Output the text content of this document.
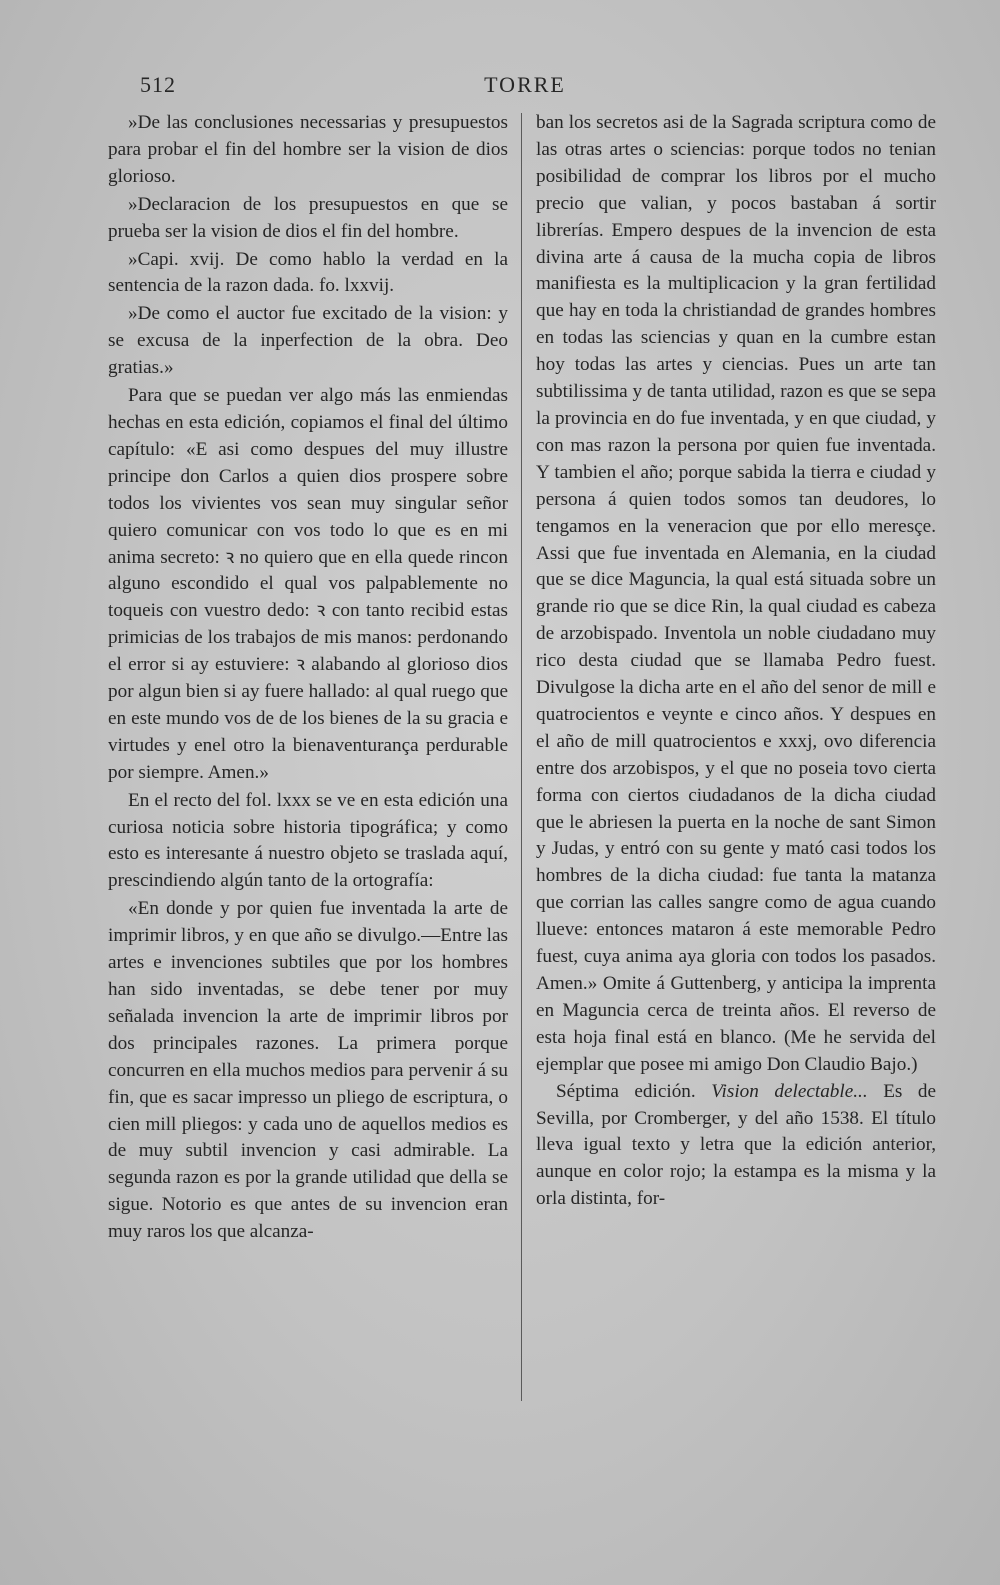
512	TORRE

»De las conclusiones necessarias y presupuestos para probar el fin del hombre ser la vision de dios glorioso.

»Declaracion de los presupuestos en que se prueba ser la vision de dios el fin del hombre.

»Capi. xvij. De como hablo la verdad en la sentencia de la razon dada. fo. lxxvij.

»De como el auctor fue excitado de la vision: y se excusa de la inperfection de la obra. Deo gratias.»

Para que se puedan ver algo más las enmiendas hechas en esta edición, copiamos el final del último capítulo: «E asi como despues del muy illustre principe don Carlos a quien dios prospere sobre todos los vivientes vos sean muy singular señor quiero comunicar con vos todo lo que es en mi anima secreto: ꝛ no quiero que en ella quede rincon alguno escondido el qual vos palpablemente no toqueis con vuestro dedo: ꝛ con tanto recibid estas primicias de los trabajos de mis manos: perdonando el error si ay estuviere: ꝛ alabando al glorioso dios por algun bien si ay fuere hallado: al qual ruego que en este mundo vos de de los bienes de la su gracia e virtudes y enel otro la bienaventurança perdurable por siempre. Amen.»

En el recto del fol. lxxx se ve en esta edición una curiosa noticia sobre historia tipográfica; y como esto es interesante á nuestro objeto se traslada aquí, prescindiendo algún tanto de la ortografía:

«En donde y por quien fue inventada la arte de imprimir libros, y en que año se divulgo.—Entre las artes e invenciones subtiles que por los hombres han sido inventadas, se debe tener por muy señalada invencion la arte de imprimir libros por dos principales razones. La primera porque concurren en ella muchos medios para pervenir á su fin, que es sacar impresso un pliego de escriptura, o cien mill pliegos: y cada uno de aquellos medios es de muy subtil invencion y casi admirable. La segunda razon es por la grande utilidad que della se sigue. Notorio es que antes de su invencion eran muy raros los que alcanza-

ban los secretos asi de la Sagrada scriptura como de las otras artes o sciencias: porque todos no tenian posibilidad de comprar los libros por el mucho precio que valian, y pocos bastaban á sortir librerías. Empero despues de la invencion de esta divina arte á causa de la mucha copia de libros manifiesta es la multiplicacion y la gran fertilidad que hay en toda la christiandad de grandes hombres en todas las sciencias y quan en la cumbre estan hoy todas las artes y ciencias. Pues un arte tan subtilissima y de tanta utilidad, razon es que se sepa la provincia en do fue inventada, y en que ciudad, y con mas razon la persona por quien fue inventada. Y tambien el año; porque sabida la tierra e ciudad y persona á quien todos somos tan deudores, lo tengamos en la veneracion que por ello meresçe. Assi que fue inventada en Alemania, en la ciudad que se dice Maguncia, la qual está situada sobre un grande rio que se dice Rin, la qual ciudad es cabeza de arzobispado. Inventola un noble ciudadano muy rico desta ciudad que se llamaba Pedro fuest. Divulgose la dicha arte en el año del senor de mill e quatrocientos e veynte e cinco años. Y despues en el año de mill quatrocientos e xxxj, ovo diferencia entre dos arzobispos, y el que no poseia tovo cierta forma con ciertos ciudadanos de la dicha ciudad que le abriesen la puerta en la noche de sant Simon y Judas, y entró con su gente y mató casi todos los hombres de la dicha ciudad: fue tanta la matanza que corrian las calles sangre como de agua cuando llueve: entonces mataron á este memorable Pedro fuest, cuya anima aya gloria con todos los pasados. Amen.» Omite á Guttenberg, y anticipa la imprenta en Maguncia cerca de treinta años. El reverso de esta hoja final está en blanco. (Me he servida del ejemplar que posee mi amigo Don Claudio Bajo.)

Séptima edición. Vision delectable... Es de Sevilla, por Cromberger, y del año 1538. El título lleva igual texto y letra que la edición anterior, aunque en color rojo; la estampa es la misma y la orla distinta, for-
